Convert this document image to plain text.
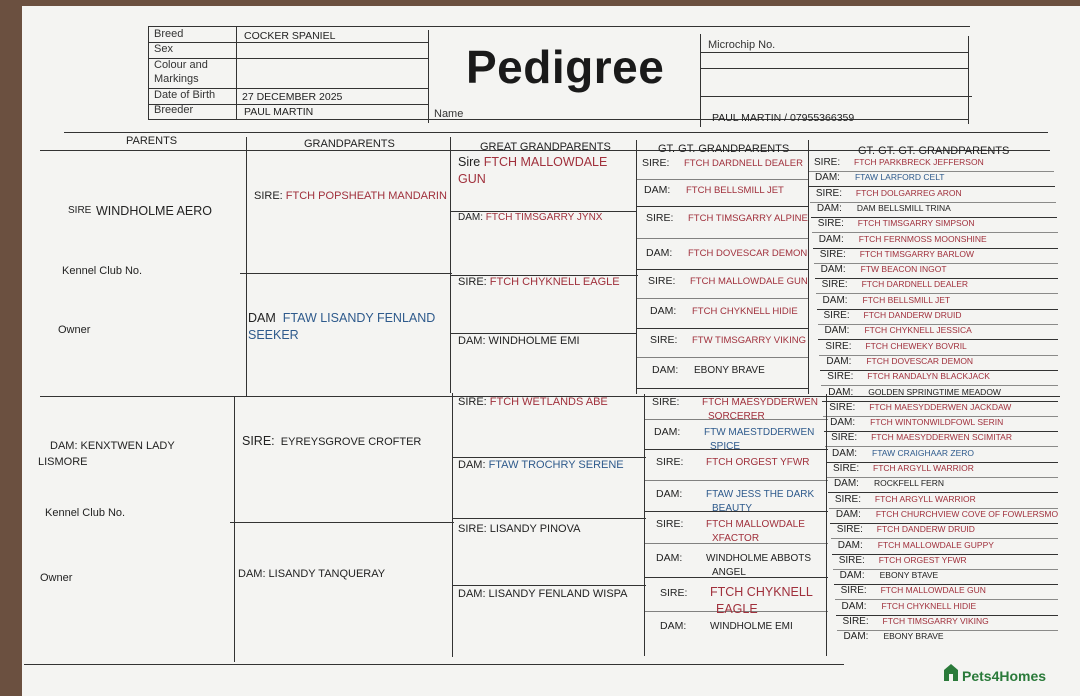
Breed	COCKER SPANIEL
Sex
Colour and
Markings
Date of Birth	27 DECEMBER 2025
Breeder	PAUL MARTIN	Name
Pedigree	Microchip No.
PAUL MARTIN / 07955366359
PARENTS	GRANDPARENTS	GREAT GRANDPARENTS	GT. GT. GRANDPARENTS	GT. GT. GT. GRANDPARENTS
SIRE WINDHOLME AERO
Kennel Club No.
Owner
DAM: KENXTWEN LADY
LISMORE
Kennel Club No.
Owner
SIRE: FTCH POPSHEATH MANDARIN
DAM FTAW LISANDY FENLAND
SEEKER
SIRE: EYREYSGROVE CROFTER
DAM: LISANDY TANQUERAY
Sire FTCH MALLOWDALE
GUN
DAM: FTCH TIMSGARRY JYNX
SIRE: FTCH CHYKNELL EAGLE
DAM: WINDHOLME EMI
SIRE: FTCH WETLANDS ABE
DAM: FTAW TROCHRY SERENE
SIRE: LISANDY PINOVA
DAM: LISANDY FENLAND WISPA
SIRE: FTCH DARDNELL DEALER
DAM: FTCH BELLSMILL JET
SIRE: FTCH TIMSGARRY ALPINE
DAM: FTCH DOVESCAR DEMON
SIRE: FTCH MALLOWDALE GUN
DAM: FTCH CHYKNELL HIDIE
SIRE: FTW TIMSGARRY VIKING
DAM: EBONY BRAVE
SIRE: FTCH MAESYDDERWEN
SORCERER
DAM: FTW MAESTDDERWEN
SPICE
SIRE: FTCH ORGEST YFWR
DAM: FTAW JESS THE DARK
BEAUTY
SIRE: FTCH MALLOWDALE
XFACTOR
DAM: WINDHOLME ABBOTS
ANGEL
SIRE: FTCH CHYKNELL
EAGLE
DAM: WINDHOLME EMI
SIRE: FTCH PARKBRECK JEFFERSON
DAM: FTAW LARFORD CELT
SIRE: FTCH DOLGARREG ARON
DAM: DAM BELLSMILL TRINA
SIRE: FTCH TIMSGARRY SIMPSON
DAM: FTCH FERNMOSS MOONSHINE
SIRE: FTCH TIMSGARRY BARLOW
DAM: FTW BEACON INGOT
SIRE: FTCH DARDNELL DEALER
DAM: FTCH BELLSMILL JET
SIRE: FTCH DANDERW DRUID
DAM: FTCH CHYKNELL JESSICA
SIRE: FTCH CHEWEKY BOVRIL
DAM: FTCH DOVESCAR DEMON
SIRE: FTCH RANDALYN BLACKJACK
DAM: GOLDEN SPRINGTIME MEADOW
SIRE: FTCH MAESYDDERWEN JACKDAW
DAM: FTCH WINTONWILDFOWL SERIN
SIRE: FTCH MAESYDDERWEN SCIMITAR
DAM: FTAW CRAIGHAAR ZERO
SIRE: FTCH ARGYLL WARRIOR
DAM: ROCKFELL FERN
SIRE: FTCH ARGYLL WARRIOR
DAM: FTCH CHURCHVIEW COVE OF FOWLERSMO
SIRE: FTCH DANDERW DRUID
DAM: FTCH MALLOWDALE GUPPY
SIRE: FTCH ORGEST YFWR
DAM: EBONY BTAVE
SIRE: FTCH MALLOWDALE GUN
DAM: FTCH CHYKNELL HIDIE
SIRE: FTCH TIMSGARRY VIKING
DAM: EBONY BRAVE
Pets4Homes
